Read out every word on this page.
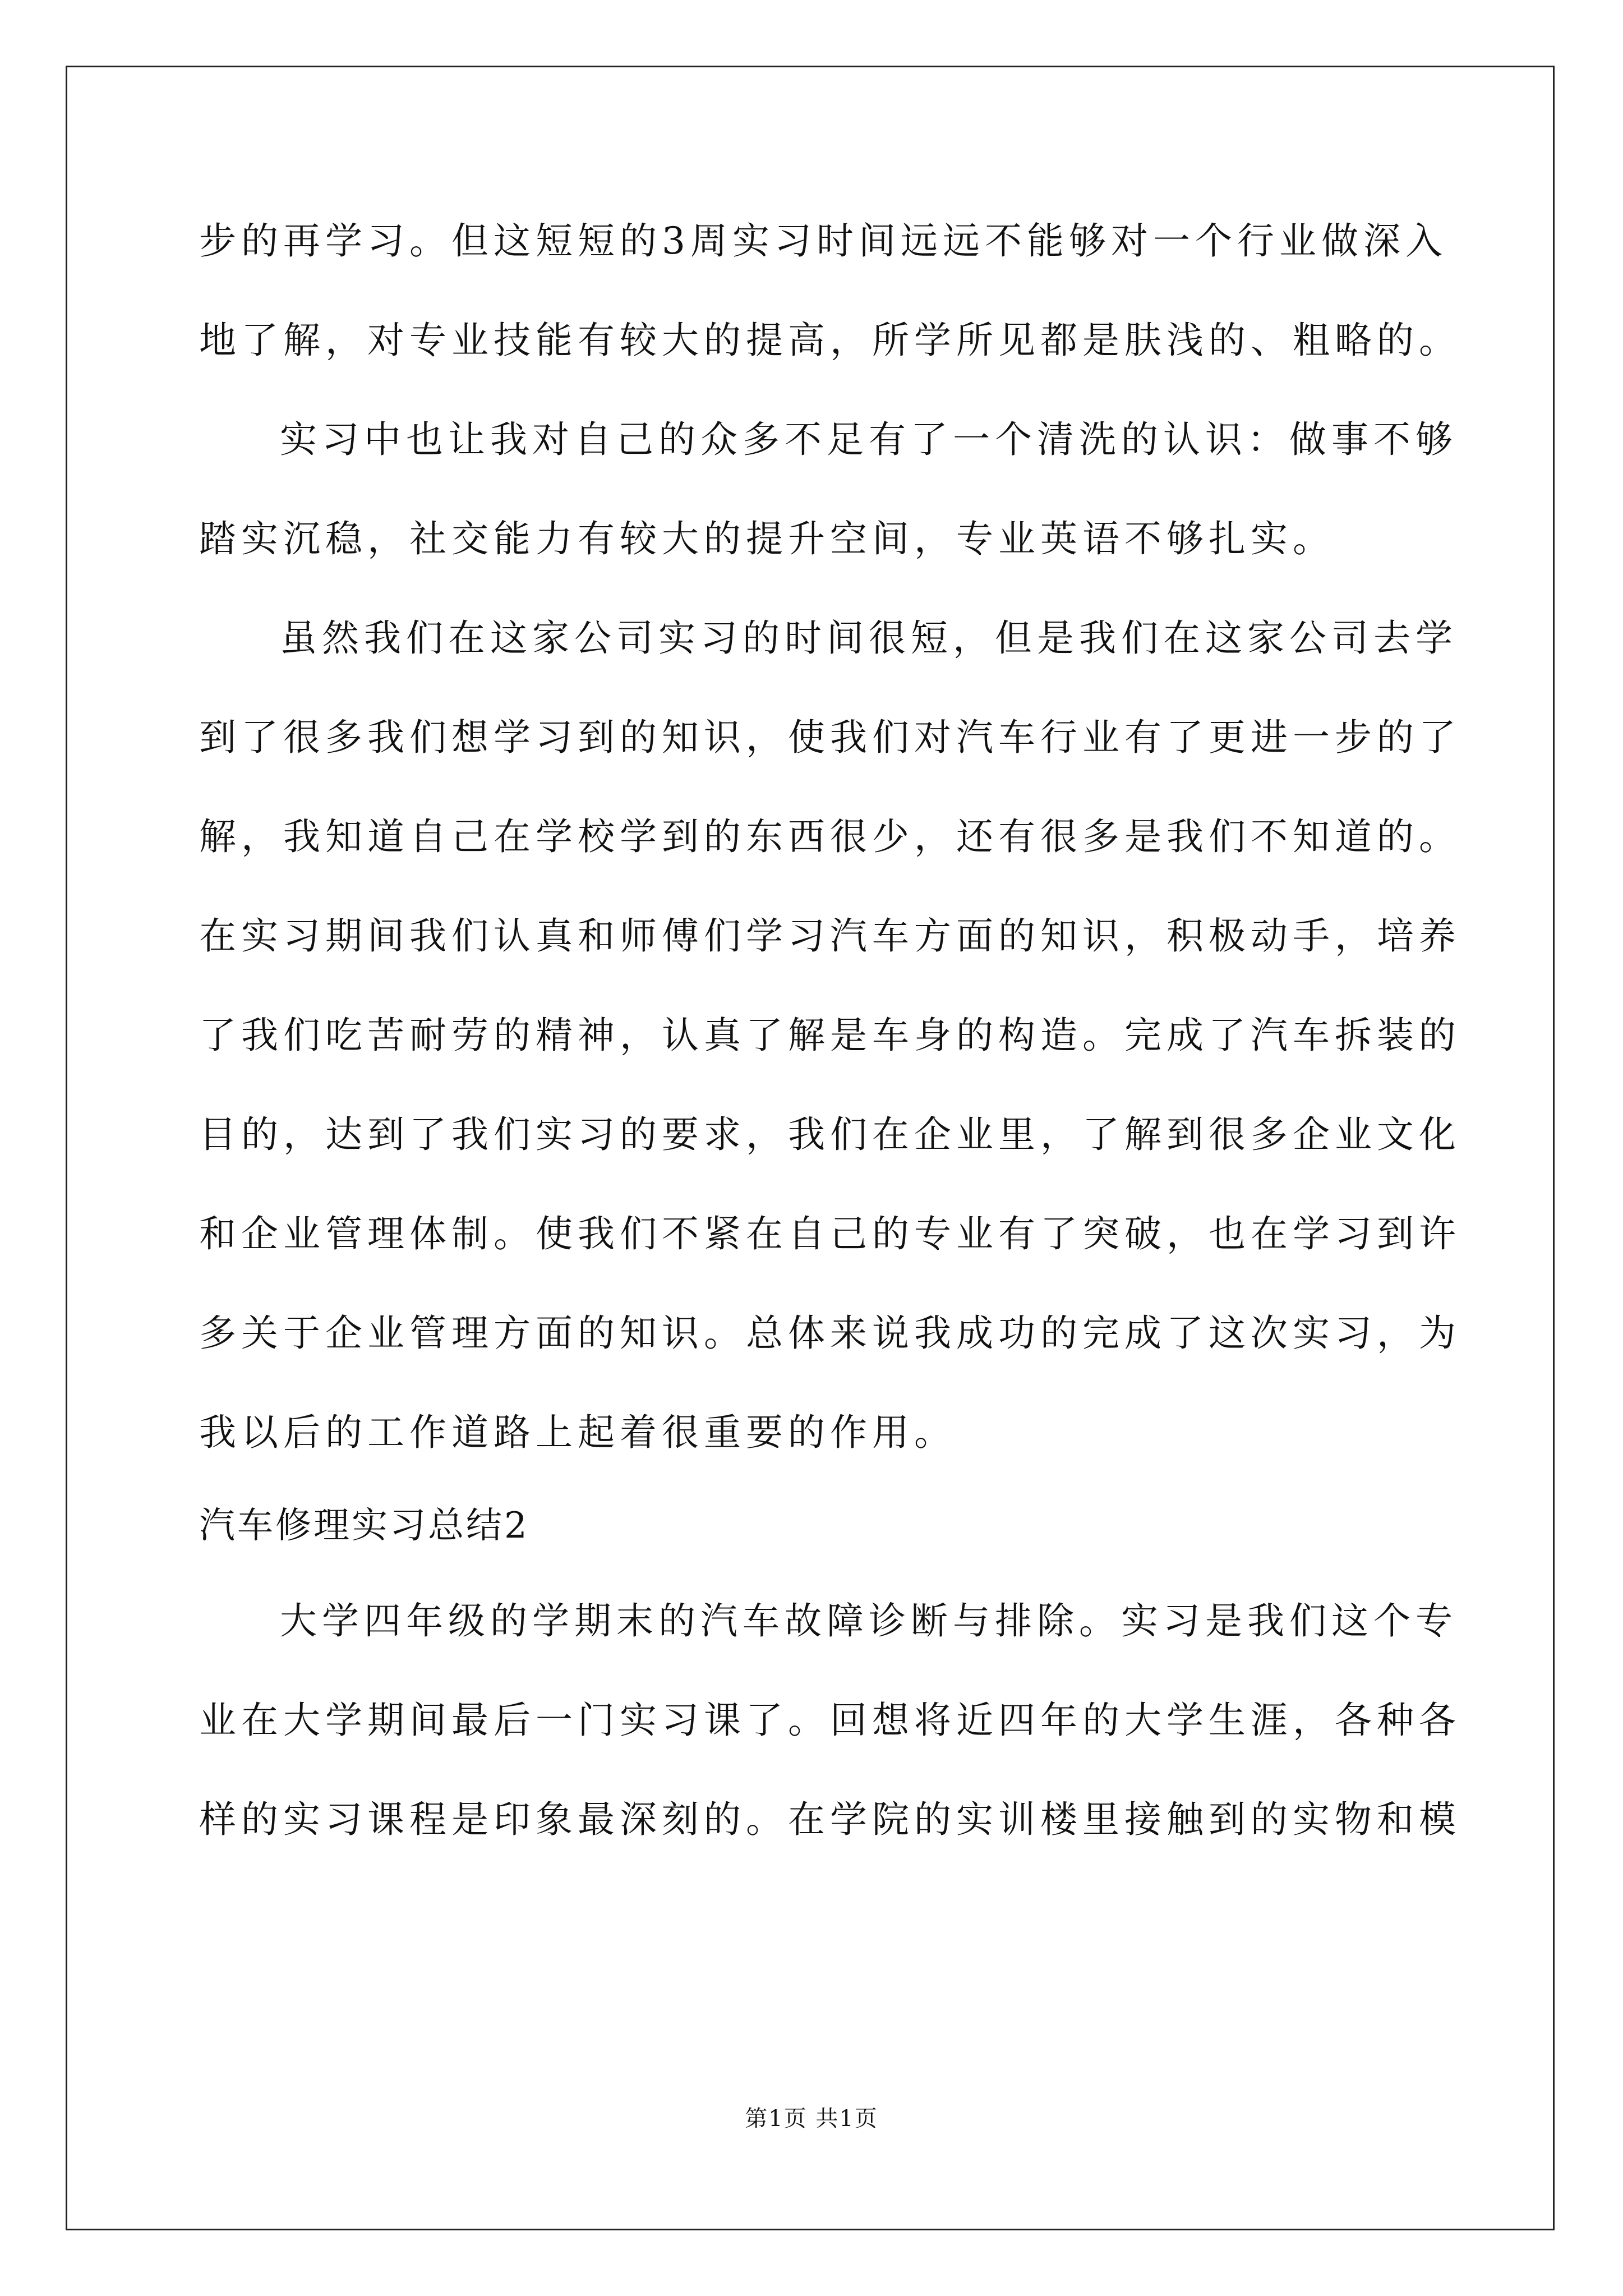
步的再学习。但这短短的3周实习时间远远不能够对一个行业做深入
地了解，对专业技能有较大的提高，所学所见都是肤浅的、粗略的。
实习中也让我对自己的众多不足有了一个清洗的认识：做事不够
踏实沉稳，社交能力有较大的提升空间，专业英语不够扎实。
虽然我们在这家公司实习的时间很短，但是我们在这家公司去学
到了很多我们想学习到的知识，使我们对汽车行业有了更进一步的了
解，我知道自己在学校学到的东西很少，还有很多是我们不知道的。
在实习期间我们认真和师傅们学习汽车方面的知识，积极动手，培养
了我们吃苦耐劳的精神，认真了解是车身的构造。完成了汽车拆装的
目的，达到了我们实习的要求，我们在企业里，了解到很多企业文化
和企业管理体制。使我们不紧在自己的专业有了突破，也在学习到许
多关于企业管理方面的知识。总体来说我成功的完成了这次实习，为
我以后的工作道路上起着很重要的作用。
汽车修理实习总结2
大学四年级的学期末的汽车故障诊断与排除。实习是我们这个专
业在大学期间最后一门实习课了。回想将近四年的大学生涯，各种各
样的实习课程是印象最深刻的。在学院的实训楼里接触到的实物和模
第1页 共1页
